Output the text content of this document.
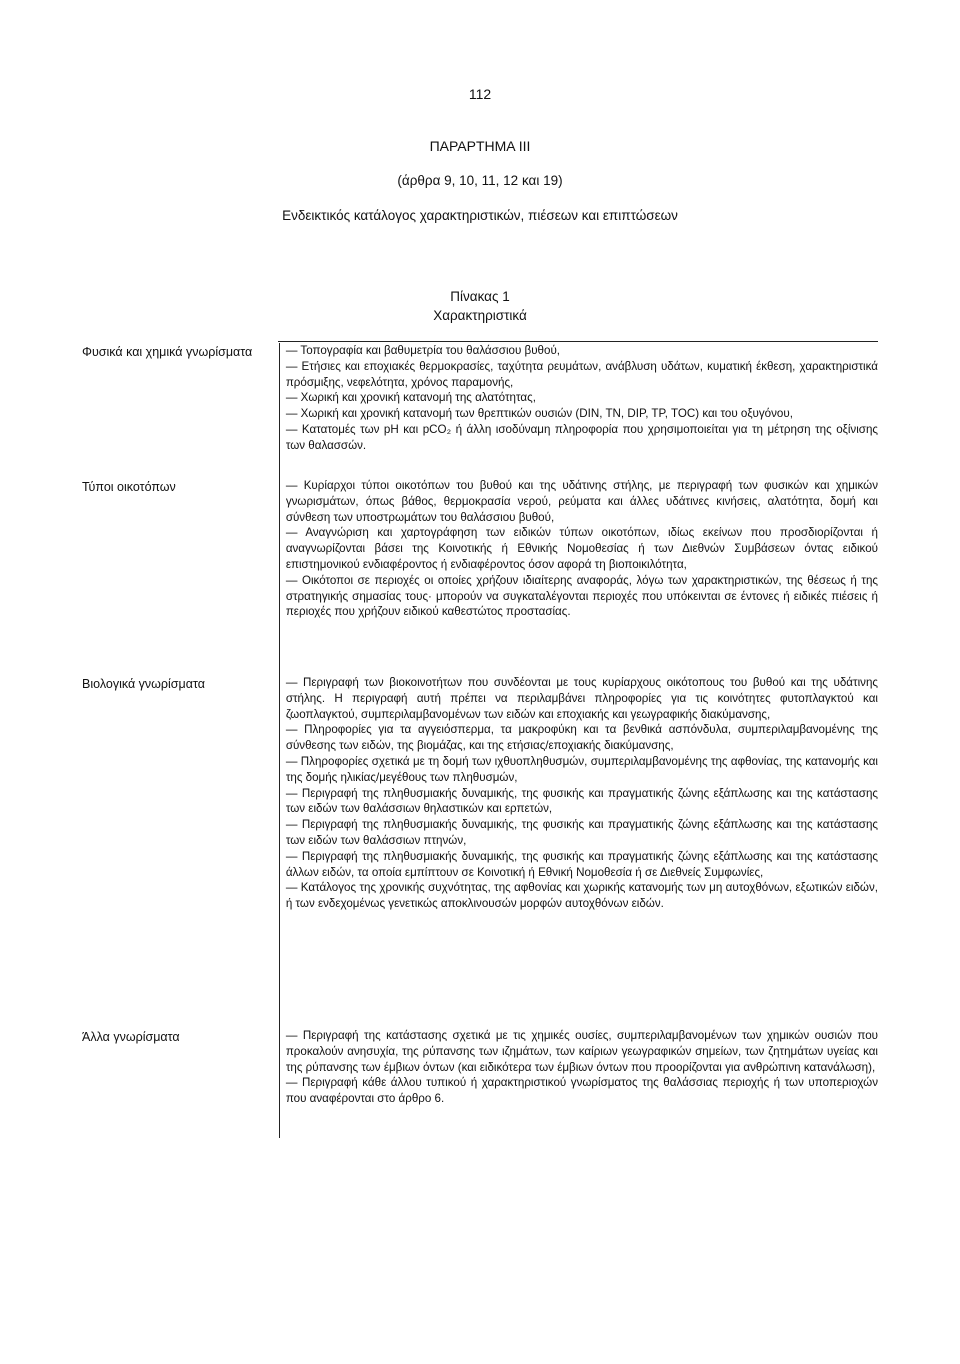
112
ΠΑΡΑΡΤΗΜΑ ΙΙΙ
(άρθρα 9, 10, 11, 12 και 19)
Ενδεικτικός κατάλογος χαρακτηριστικών, πιέσεων και επιπτώσεων
Πίνακας 1
Χαρακτηριστικά
Φυσικά και χημικά γνωρίσματα	— Τοπογραφία και βαθυμετρία του θαλάσσιου βυθού,

— Ετήσιες και εποχιακές θερμοκρασίες, ταχύτητα ρευμάτων, ανάβλυση υδάτων, κυματική έκθεση, χαρακτηριστικά πρόσμιξης, νεφελότητα, χρόνος παραμονής,

— Χωρική και χρονική κατανομή της αλατότητας,

— Χωρική και χρονική κατανομή των θρεπτικών ουσιών (DIN, TN, DIP, TP, TOC) και του οξυγόνου,

— Κατατομές των pH και pCO₂ ή άλλη ισοδύναμη πληροφορία που χρησιμοποιείται για τη μέτρηση της οξίνισης των θαλασσών.

Τύποι οικοτόπων	— Κυρίαρχοι τύποι οικοτόπων του βυθού και της υδάτινης στήλης, με περιγραφή των φυσικών και χημικών γνωρισμάτων, όπως βάθος, θερμοκρασία νερού, ρεύματα και άλλες υδάτινες κινήσεις, αλατότητα, δομή και σύνθεση των υποστρωμάτων του θαλάσσιου βυθού,

— Αναγνώριση και χαρτογράφηση των ειδικών τύπων οικοτόπων, ιδίως εκείνων που προσδιορίζονται ή αναγνωρίζονται βάσει της Κοινοτικής ή Εθνικής Νομοθεσίας ή των Διεθνών Συμβάσεων όντας ειδικού επιστημονικού ενδιαφέροντος ή ενδιαφέροντος όσον αφορά τη βιοποικιλότητα,

— Οικότοποι σε περιοχές οι οποίες χρήζουν ιδιαίτερης αναφοράς, λόγω των χαρακτηριστικών, της θέσεως ή της στρατηγικής σημασίας τους· μπορούν να συγκαταλέγονται περιοχές που υπόκεινται σε έντονες ή ειδικές πιέσεις ή περιοχές που χρήζουν ειδικού καθεστώτος προστασίας.

Βιολογικά γνωρίσματα	— Περιγραφή των βιοκοινοτήτων που συνδέονται με τους κυρίαρχους οικότοπους του βυθού και της υδάτινης στήλης. Η περιγραφή αυτή πρέπει να περιλαμβάνει πληροφορίες για τις κοινότητες φυτοπλαγκτού και ζωοπλαγκτού, συμπεριλαμβανομένων των ειδών και εποχιακής και γεωγραφικής διακύμανσης,

— Πληροφορίες για τα αγγειόσπερμα, τα μακροφύκη και τα βενθικά ασπόνδυλα, συμπεριλαμβανομένης της σύνθεσης των ειδών, της βιομάζας, και της ετήσιας/εποχιακής διακύμανσης,

— Πληροφορίες σχετικά με τη δομή των ιχθυοπληθυσμών, συμπεριλαμβανομένης της αφθονίας, της κατανομής και της δομής ηλικίας/μεγέθους των πληθυσμών,

— Περιγραφή της πληθυσμιακής δυναμικής, της φυσικής και πραγματικής ζώνης εξάπλωσης και της κατάστασης των ειδών των θαλάσσιων θηλαστικών και ερπετών,

— Περιγραφή της πληθυσμιακής δυναμικής, της φυσικής και πραγματικής ζώνης εξάπλωσης και της κατάστασης των ειδών των θαλάσσιων πτηνών,

— Περιγραφή της πληθυσμιακής δυναμικής, της φυσικής και πραγματικής ζώνης εξάπλωσης και της κατάστασης άλλων ειδών, τα οποία εμπίπτουν σε Κοινοτική ή Εθνική Νομοθεσία ή σε Διεθνείς Συμφωνίες,

— Κατάλογος της χρονικής συχνότητας, της αφθονίας και χωρικής κατανομής των μη αυτοχθόνων, εξωτικών ειδών, ή των ενδεχομένως γενετικώς αποκλινουσών μορφών αυτοχθόνων ειδών.

Άλλα γνωρίσματα	— Περιγραφή της κατάστασης σχετικά με τις χημικές ουσίες, συμπεριλαμβανομένων των χημικών ουσιών που προκαλούν ανησυχία, της ρύπανσης των ιζημάτων, των καίριων γεωγραφικών σημείων, των ζητημάτων υγείας και της ρύπανσης των έμβιων όντων (και ειδικότερα των έμβιων όντων που προορίζονται για ανθρώπινη κατανάλωση),

— Περιγραφή κάθε άλλου τυπικού ή χαρακτηριστικού γνωρίσματος της θαλάσσιας περιοχής ή των υποπεριοχών που αναφέρονται στο άρθρο 6.
